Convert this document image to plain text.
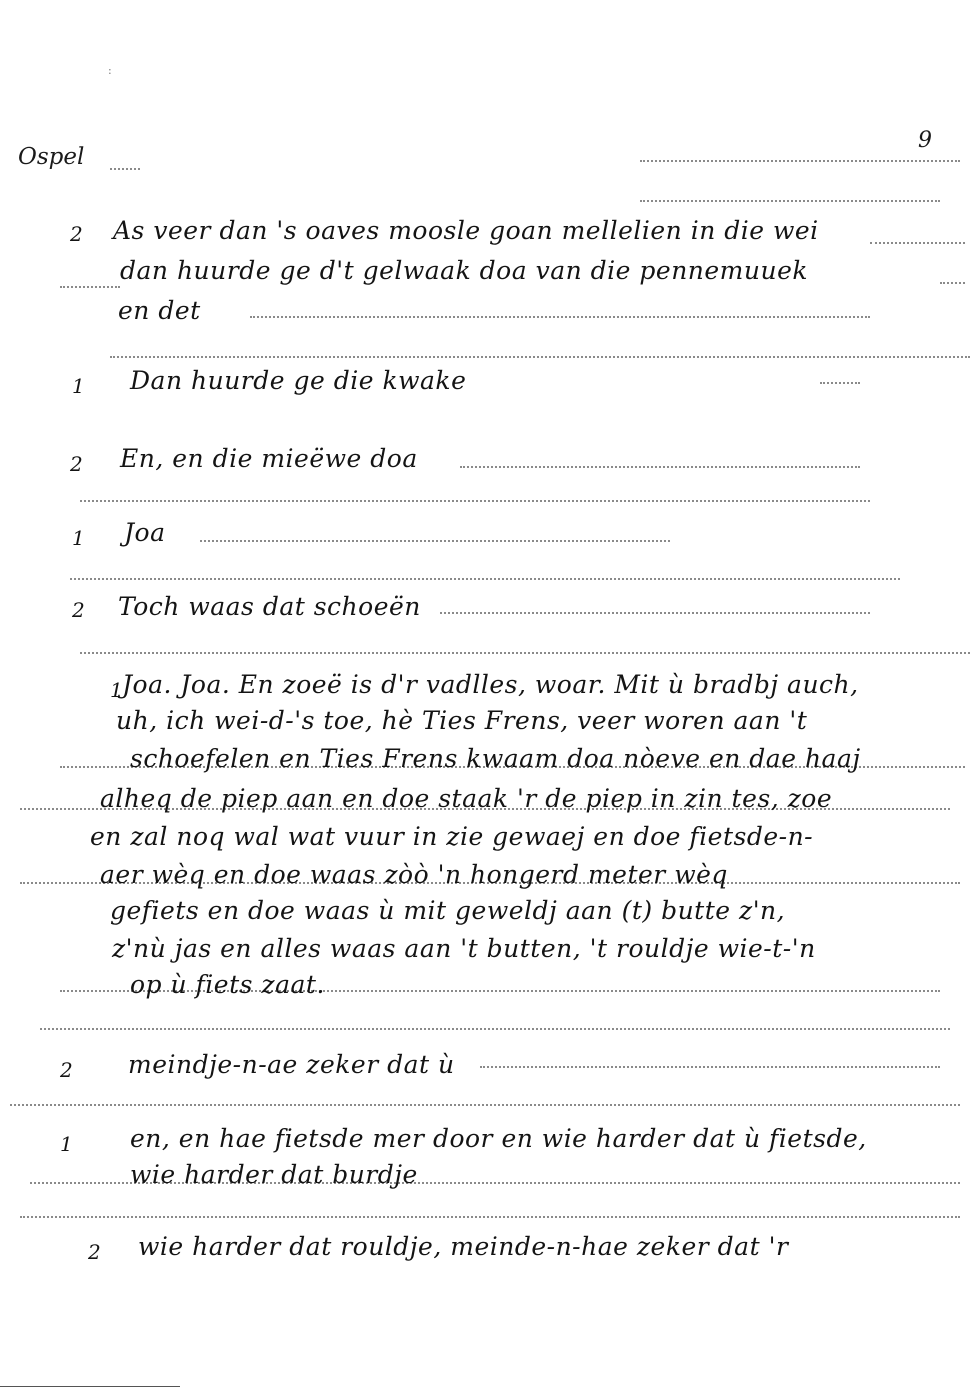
:
Ospel
9
2 As veer dan 's oaves moosle goan mellelien in die wei
dan huurde ge d't gelwaak doa van die pennemuuek
en det
1 Dan huurde ge die kwake
2 En, en die mieëwe doa
1 Joa
2 Toch waas dat schoeën
1 Joa. Joa. En zoeë is d'r vadlles, woar. Mit ù bradbj auch,
uh, ich wei-d-'s toe, hè Ties Frens, veer woren aan 't
schoefelen en Ties Frens kwaam doa nòeve en dae haaj
alheq de piep aan en doe staak 'r de piep in zin tes, zoe
en zal noq wal wat vuur in zie gewaej en doe fietsde-n-
aer wèq en doe waas zòò 'n hongerd meter wèq
gefiets en doe waas ù mit geweldj aan (t) butte z'n,
z'nù jas en alles waas aan 't butten, 't rouldje wie-t-'n
op ù fiets zaat.
2 meindje-n-ae zeker dat ù
1 en, en hae fietsde mer door en wie harder dat ù fietsde,
wie harder dat burdje
2 wie harder dat rouldje, meinde-n-hae zeker dat 'r
